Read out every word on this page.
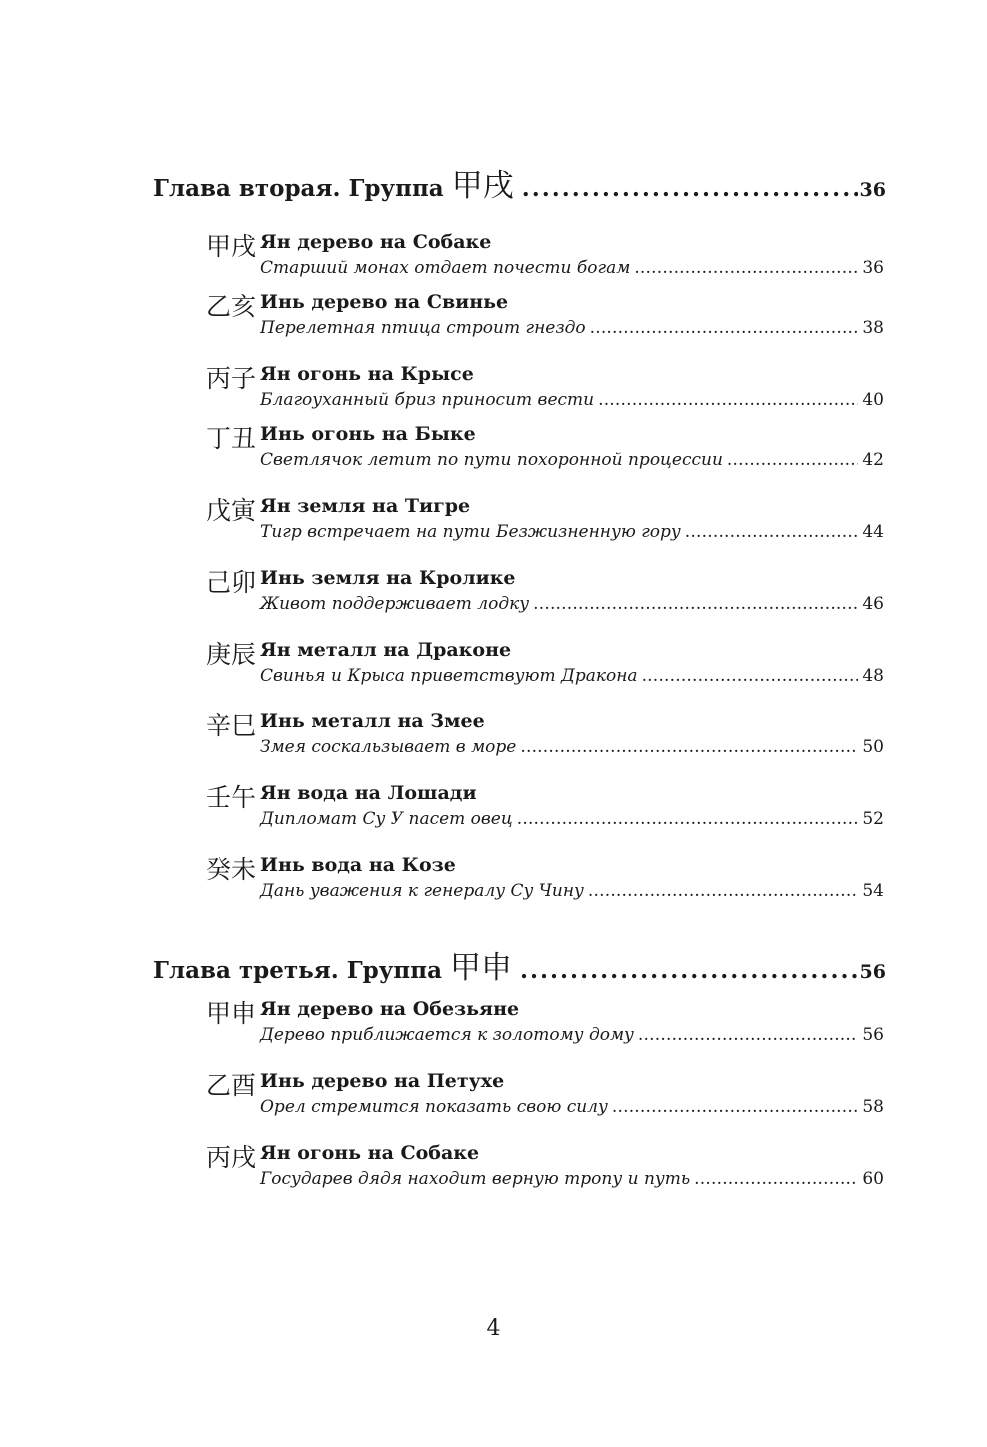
Глава вторая. Группа 甲戌 . . .	36
甲戌 Ян дерево на Собаке
Старший монах отдает почести богам . . .	36
乙亥 Инь дерево на Свинье
Перелетная птица строит гнездо . . .	38
丙子 Ян огонь на Крысе
Благоуханный бриз приносит вести . . .	40
丁丑 Инь огонь на Быке
Светлячок летит по пути похоронной процессии . . .	42
戊寅 Ян земля на Тигре
Тигр встречает на пути Безжизненную гору . . .	44
己卯 Инь земля на Кролике
Живот поддерживает лодку . . .	46
庚辰 Ян металл на Драконе
Свинья и Крыса приветствуют Дракона . . .	48
辛巳 Инь металл на Змее
Змея соскальзывает в море . . .	50
壬午 Ян вода на Лошади
Дипломат Су У пасет овец . . .	52
癸未 Инь вода на Козе
Дань уважения к генералу Су Чину . . .	54
Глава третья. Группа 甲申 . . .	56
甲申 Ян дерево на Обезьяне
Дерево приближается к золотому дому . . .	56
乙酉 Инь дерево на Петухе
Орел стремится показать свою силу . . .	58
丙戌 Ян огонь на Собаке
Государев дядя находит верную тропу и путь . . .	60
4
